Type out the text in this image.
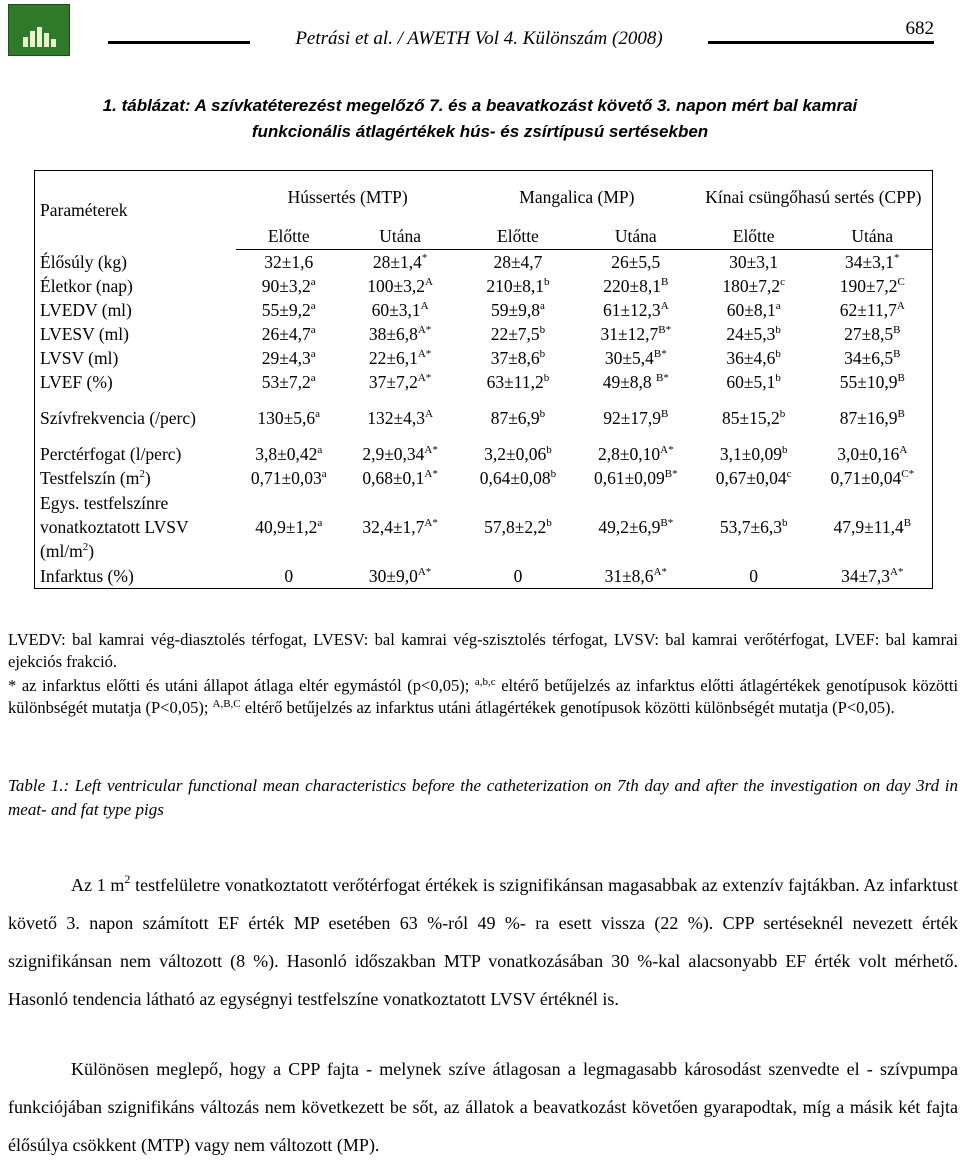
Petrási et al. / AWETH Vol 4. Különszám (2008)	682
1. táblázat: A szívkatéterezést megelőző 7. és a beavatkozást követő 3. napon mért bal kamrai funkcionális átlagértékek hús- és zsírtípusú sertésekben
Paraméterek	Hússertés (MTP)		Mangalica (MP)		Kínai csüngőhasú sertés (CPP)	
	Előtte	Utána	Előtte	Utána	Előtte	Utána
Élősúly (kg)	32±1,6	28±1,4*	28±4,7	26±5,5	30±3,1	34±3,1*
Életkor (nap)	90±3,2$^a$	$100\pm 3,2^A$	210±8,1$^b$	$220\pm 8,1^B$	180±7,2$^c$	$190\pm 7,2^C$
LVEDV (ml)	55±9,2$^a$	$60\pm 3,1^A$	59±9,8$^a$	$61\pm 12,3^A$	60±8,1$^a$	$62\pm 11,7^A$
LVESV (ml)	26±4,7$^a$	$38\pm 6,8^{A*}$	22±7,5$^b$	$31\pm 12,7^{B*}$	24±5,3$^b$	$27\pm 8,5^B$
LVSV (ml)	29±4,3$^a$	$22\pm 6,1^{A*}$	37±8,6$^b$	$30\pm 5,4^{B*}$	36±4,6$^b$	$34\pm 6,5^B$
LVEF (%)	53±7,2$^a$	$37\pm 7,2^{A*}$	63±11,2$^b$	49±8,8 $^{B*}$	60±5,1$^b$	$55\pm 10,9^B$
Szívfrekvencia (/perc)	130±5,6$^a$	$132\pm 4,3^A$	87±6,9$^b$	$92\pm 17,9^B$	85±15,2$^b$	$87\pm 16,9^B$
Perctérfogat (l/perc)	3,8±0,42$^a$	$2,9\pm 0,34^{A*}$	3,2±0,06$^b$	$2,8\pm 0,10^{A*}$	3,1±0,09$^b$	$3,0\pm 0,16^A$
Testfelszín $(m^2)$	0,71±0,03$^a$	$0,68\pm 0,1^{A*}$	0,64±0,08$^b$	$0,61\pm 0,09^{B*}$	0,67±0,04$^c$	$0,71\pm 0,04^{C*}$
Egys. testfelszínre vonatkoztatott LVSV $(ml/m^2)$	40,9±1,2$^a$	$32,4\pm 1,7^{A*}$	57,8±2,2$^b$	$49,2\pm 6,9^{B*}$	53,7±6,3$^b$	$47,9\pm 11,4^B$
Infarktus (%)	0	$30\pm 9,0^{A*}$	0	$31\pm 8,6^{A*}$	0	$34\pm 7,3^{A*}$
LVEDV: bal kamrai vég-diasztolés térfogat, LVESV: bal kamrai vég-szisztolés térfogat, LVSV: bal kamrai verőtérfogat, LVEF: bal kamrai ejekciós frakció.
* az infarktus előtti és utáni állapot átlaga eltér egymástól (p<0,05); $^{a,b,c}$ eltérő betűjelzés az infarktus előtti átlagértékek genotípusok közötti különbségét mutatja (P<0,05); $^{A,B,C}$ eltérő betűjelzés az infarktus utáni átlagértékek genotípusok közötti különbségét mutatja (P<0,05).
Table 1.: Left ventricular functional mean characteristics before the catheterization on 7th day and after the investigation on day 3rd in meat- and fat type pigs
Az 1 $m^2$ testfelületre vonatkoztatott verőtérfogat értékek is szignifikánsan magasabbak az extenzív fajtákban. Az infarktust követő 3. napon számított EF érték MP esetében 63 %-ról 49 %- ra esett vissza (22 %). CPP sertéseknél nevezett érték szignifikánsan nem változott (8 %). Hasonló időszakban MTP vonatkozásában 30 %-kal alacsonyabb EF érték volt mérhető. Hasonló tendencia látható az egységnyi testfelszíne vonatkoztatott LVSV értéknél is.
Különösen meglepő, hogy a CPP fajta - melynek szíve átlagosan a legmagasabb károsodást szenvedte el - szívpumpa funkciójában szignifikáns változás nem következett be sőt, az állatok a beavatkozást követően gyarapodtak, míg a másik két fajta élősúlya csökkent (MTP) vagy nem változott (MP).
